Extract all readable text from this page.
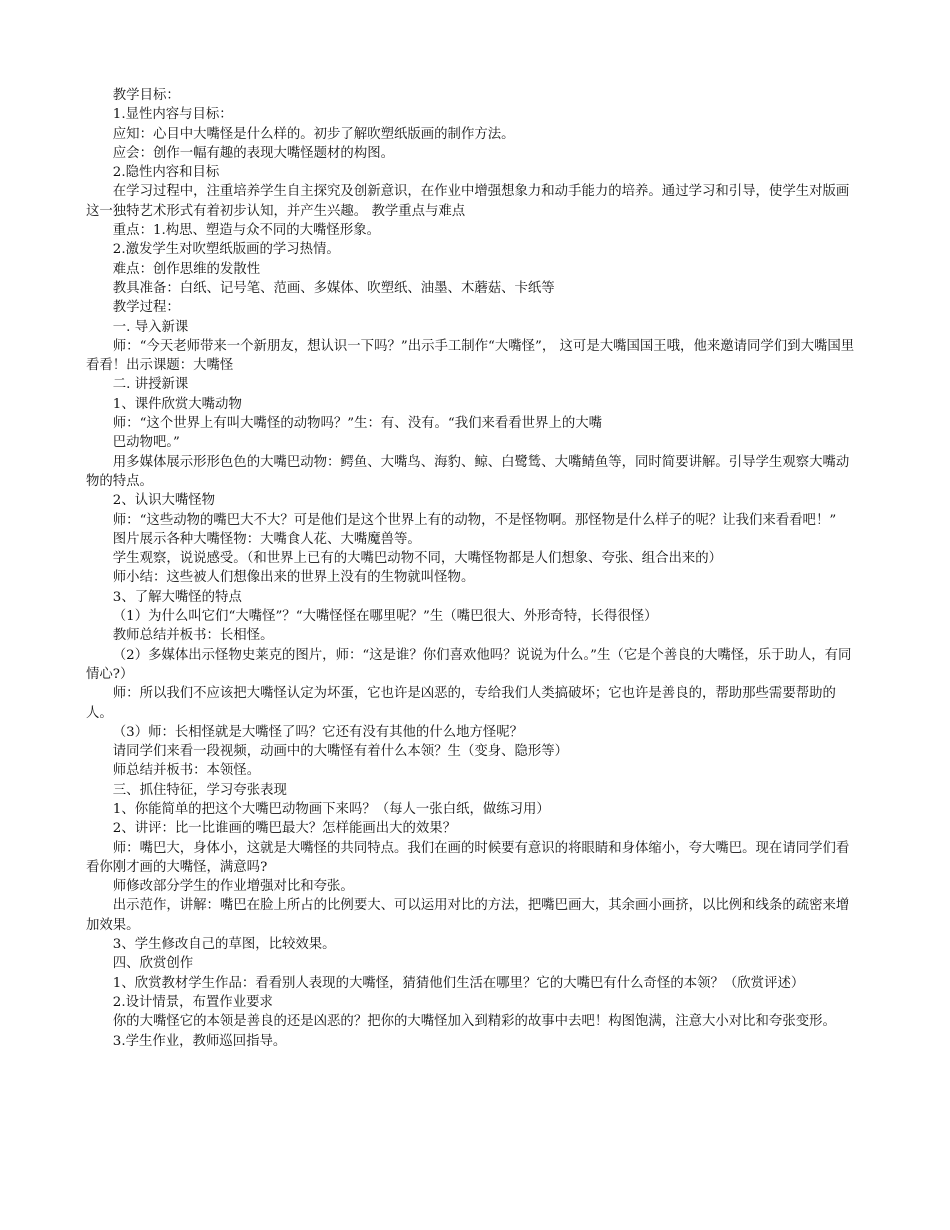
教学目标：

1.显性内容与目标：

应知：心目中大嘴怪是什么样的。初步了解吹塑纸版画的制作方法。

应会：创作一幅有趣的表现大嘴怪题材的构图。

2.隐性内容和目标

在学习过程中，注重培养学生自主探究及创新意识，在作业中增强想象力和动手能力的培养。通过学习和引导，使学生对版画这一独特艺术形式有着初步认知，并产生兴趣。 教学重点与难点

重点：1.构思、塑造与众不同的大嘴怪形象。

2.激发学生对吹塑纸版画的学习热情。

难点：创作思维的发散性

教具准备：白纸、记号笔、范画、多媒体、吹塑纸、油墨、木蘑菇、卡纸等

教学过程：

一. 导入新课

师：“今天老师带来一个新朋友，想认识一下吗？”出示手工制作“大嘴怪”， 这可是大嘴国国王哦，他来邀请同学们到大嘴国里看看！出示课题：大嘴怪

二. 讲授新课

1、课件欣赏大嘴动物

师：“这个世界上有叫大嘴怪的动物吗？”生：有、没有。“我们来看看世界上的大嘴

巴动物吧。”

用多媒体展示形形色色的大嘴巴动物：鳄鱼、大嘴鸟、海豹、鲸、白鹭鸶、大嘴鲭鱼等，同时简要讲解。引导学生观察大嘴动物的特点。

2、认识大嘴怪物

师：“这些动物的嘴巴大不大？可是他们是这个世界上有的动物，不是怪物啊。那怪物是什么样子的呢？让我们来看看吧！”

图片展示各种大嘴怪物：大嘴食人花、大嘴魔兽等。

学生观察，说说感受。（和世界上已有的大嘴巴动物不同，大嘴怪物都是人们想象、夸张、组合出来的）

师小结：这些被人们想像出来的世界上没有的生物就叫怪物。

3、了解大嘴怪的特点

（1）为什么叫它们“大嘴怪”？“大嘴怪怪在哪里呢？”生（嘴巴很大、外形奇特，长得很怪）

教师总结并板书：长相怪。

（2）多媒体出示怪物史莱克的图片，师：“这是谁？你们喜欢他吗？说说为什么。”生（它是个善良的大嘴怪，乐于助人，有同情心?）

师：所以我们不应该把大嘴怪认定为坏蛋，它也许是凶恶的，专给我们人类搞破坏；它也许是善良的，帮助那些需要帮助的人。

（3）师：长相怪就是大嘴怪了吗？它还有没有其他的什么地方怪呢？

请同学们来看一段视频，动画中的大嘴怪有着什么本领？生（变身、隐形等）

师总结并板书：本领怪。

三、抓住特征，学习夸张表现

1、你能简单的把这个大嘴巴动物画下来吗？（每人一张白纸，做练习用）

2、讲评：比一比谁画的嘴巴最大？怎样能画出大的效果？

师：嘴巴大，身体小，这就是大嘴怪的共同特点。我们在画的时候要有意识的将眼睛和身体缩小，夸大嘴巴。现在请同学们看看你刚才画的大嘴怪，满意吗?

师修改部分学生的作业增强对比和夸张。

出示范作，讲解：嘴巴在脸上所占的比例要大、可以运用对比的方法，把嘴巴画大，其余画小画挤，以比例和线条的疏密来增加效果。

3、学生修改自己的草图，比较效果。

四、欣赏创作

1、欣赏教材学生作品：看看别人表现的大嘴怪，猜猜他们生活在哪里？它的大嘴巴有什么奇怪的本领？（欣赏评述）

2.设计情景，布置作业要求

你的大嘴怪它的本领是善良的还是凶恶的？把你的大嘴怪加入到精彩的故事中去吧！构图饱满，注意大小对比和夸张变形。

3.学生作业，教师巡回指导。
